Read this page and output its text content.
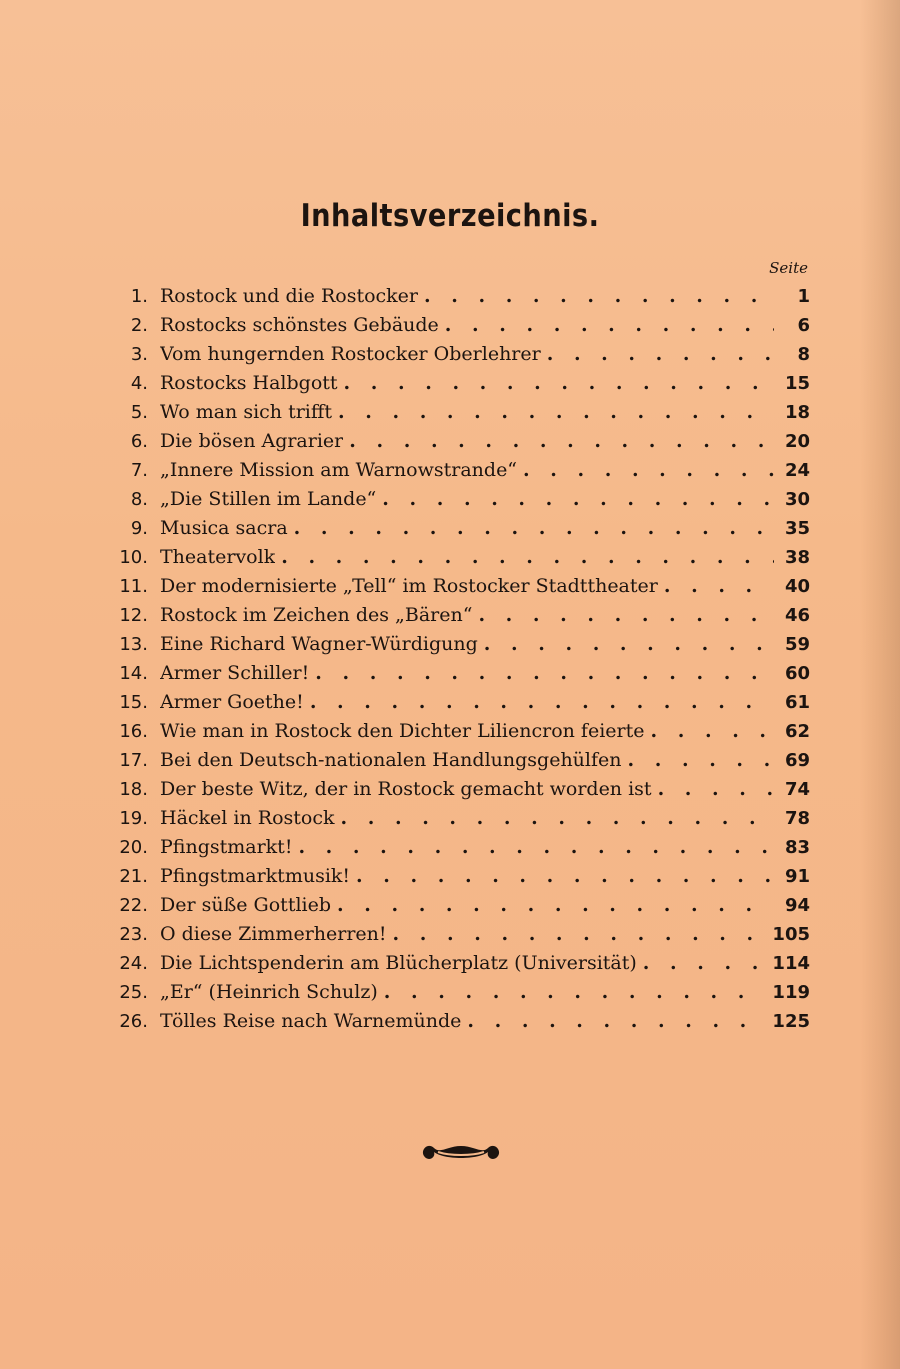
Inhaltsverzeichnis.
Seite
1. Rostock und die Rostocker . . .	1
2. Rostocks schönstes Gebäude . . .	6
3. Vom hungernden Rostocker Oberlehrer . . .	8
4. Rostocks Halbgott . . .	15
5. Wo man sich trifft . . .	18
6. Die bösen Agrarier . . .	20
7. „Innere Mission am Warnowstrande“ . . .	24
8. „Die Stillen im Lande“ . . .	30
9. Musica sacra . . .	35
10. Theatervolk . . .	38
11. Der modernisierte „Tell“ im Rostocker Stadttheater . . .	40
12. Rostock im Zeichen des „Bären“ . . .	46
13. Eine Richard Wagner-Würdigung . . .	59
14. Armer Schiller! . . .	60
15. Armer Goethe! . . .	61
16. Wie man in Rostock den Dichter Liliencron feierte . . .	62
17. Bei den Deutsch-nationalen Handlungsgehülfen . . .	69
18. Der beste Witz, der in Rostock gemacht worden ist . . .	74
19. Häckel in Rostock . . .	78
20. Pfingstmarkt! . . .	83
21. Pfingstmarktmusik! . . .	91
22. Der süße Gottlieb . . .	94
23. O diese Zimmerherren! . . .	105
24. Die Lichtspenderin am Blücherplatz (Universität) . . .	114
25. „Er“ (Heinrich Schulz) . . .	119
26. Tölles Reise nach Warnemünde . . .	125
